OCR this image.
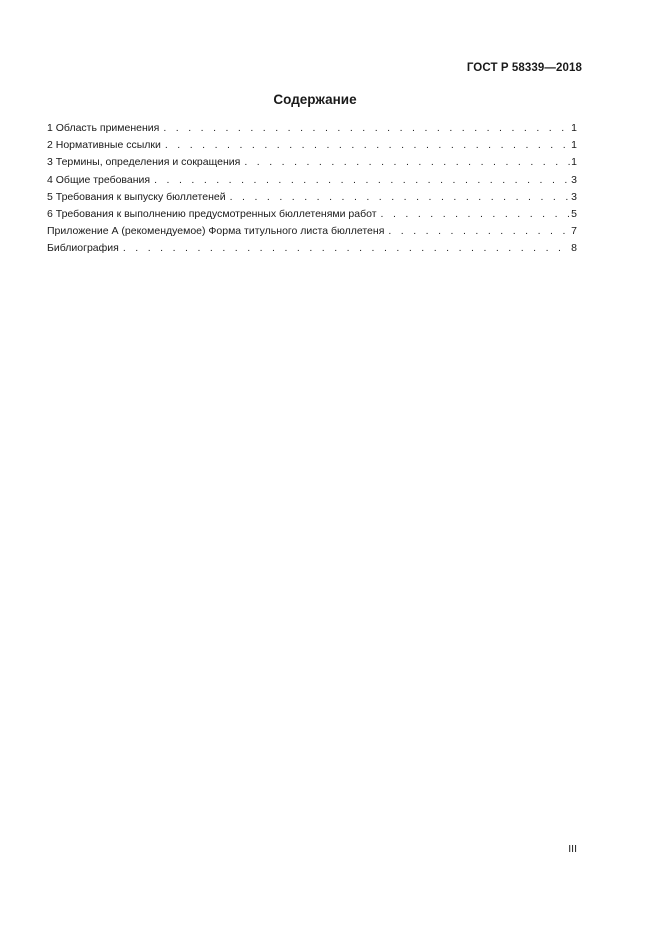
ГОСТ Р 58339—2018
Содержание
1 Область применения . . .	1
2 Нормативные ссылки . . .	1
3 Термины, определения и сокращения . . .	1
4 Общие требования . . .	3
5 Требования к выпуску бюллетеней . . .	3
6 Требования к выполнению предусмотренных бюллетенями работ . . .	5
Приложение А (рекомендуемое) Форма титульного листа бюллетеня . . .	7
Библиография . . .	8
III
